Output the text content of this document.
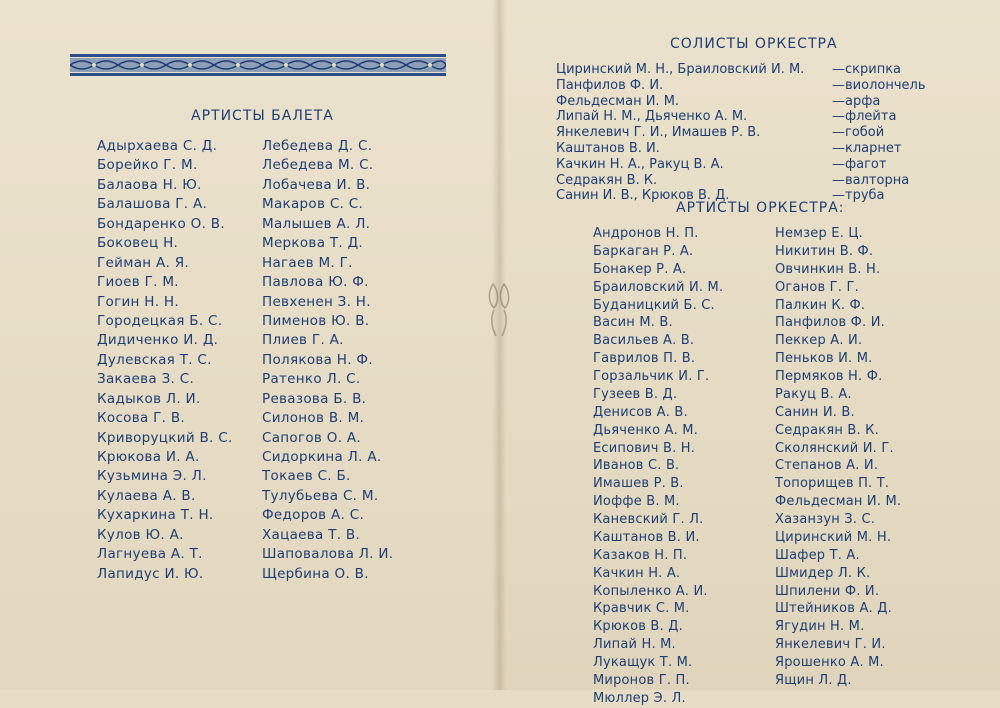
АРТИСТЫ БАЛЕТА
Адырхаева С. Д.
Борейко Г. М.
Балаова Н. Ю.
Балашова Г. А.
Бондаренко О. В.
Боковец Н.
Гейман А. Я.
Гиоев Г. М.
Гогин Н. Н.
Городецкая Б. С.
Дидиченко И. Д.
Дулевская Т. С.
Закаева З. С.
Кадыков Л. И.
Косова Г. В.
Криворуцкий В. С.
Крюкова И. А.
Кузьмина Э. Л.
Кулаева А. В.
Кухаркина Т. Н.
Кулов Ю. А.
Лагнуева А. Т.
Лапидус И. Ю.
Лебедева Д. С.
Лебедева М. С.
Лобачева И. В.
Макаров С. С.
Малышев А. Л.
Меркова Т. Д.
Нагаев М. Г.
Павлова Ю. Ф.
Певхенен З. Н.
Пименов Ю. В.
Плиев Г. А.
Полякова Н. Ф.
Ратенко Л. С.
Ревазова Б. В.
Силонов В. М.
Сапогов О. А.
Сидоркина Л. А.
Токаев С. Б.
Тулубьева С. М.
Федоров А. С.
Хацаева Т. В.
Шаповалова Л. И.
Щербина О. В.
СОЛИСТЫ ОРКЕСТРА
Циринский М. Н., Браиловский И. М. —скрипка
Панфилов Ф. И.	—виолончель
Фельдесман И. М.	—арфа
Липай Н. М., Дьяченко А. М.	—флейта
Янкелевич Г. И., Имашев Р. В.	—гобой
Каштанов В. И.	—кларнет
Качкин Н. А., Ракуц В. А.	—фагот
Седракян В. К.	—валторна
Санин И. В., Крюков В. Д.	—труба
АРТИСТЫ ОРКЕСТРА:
Андронов Н. П.
Баркаган Р. А.
Бонакер Р. А.
Браиловский И. М.
Буданицкий Б. С.
Васин М. В.
Васильев А. В.
Гаврилов П. В.
Горзальчик И. Г.
Гузеев В. Д.
Денисов А. В.
Дьяченко А. М.
Есипович В. Н.
Иванов С. В.
Имашев Р. В.
Иоффе В. М.
Каневский Г. Л.
Каштанов В. И.
Казаков Н. П.
Качкин Н. А.
Копыленко А. И.
Кравчик С. М.
Крюков В. Д.
Липай Н. М.
Лукащук Т. М.
Миронов Г. П.
Мюллер Э. Л.
Немзер Е. Ц.
Никитин В. Ф.
Овчинкин В. Н.
Оганов Г. Г.
Палкин К. Ф.
Панфилов Ф. И.
Пеккер А. И.
Пеньков И. М.
Пермяков Н. Ф.
Ракуц В. А.
Санин И. В.
Седракян В. К.
Сколянский И. Г.
Степанов А. И.
Топорищев П. Т.
Фельдесман И. М.
Хазанзун З. С.
Циринский М. Н.
Шафер Т. А.
Шмидер Л. К.
Шпилени Ф. И.
Штейников А. Д.
Ягудин Н. М.
Янкелевич Г. И.
Ярошенко А. М.
Ящин Л. Д.
